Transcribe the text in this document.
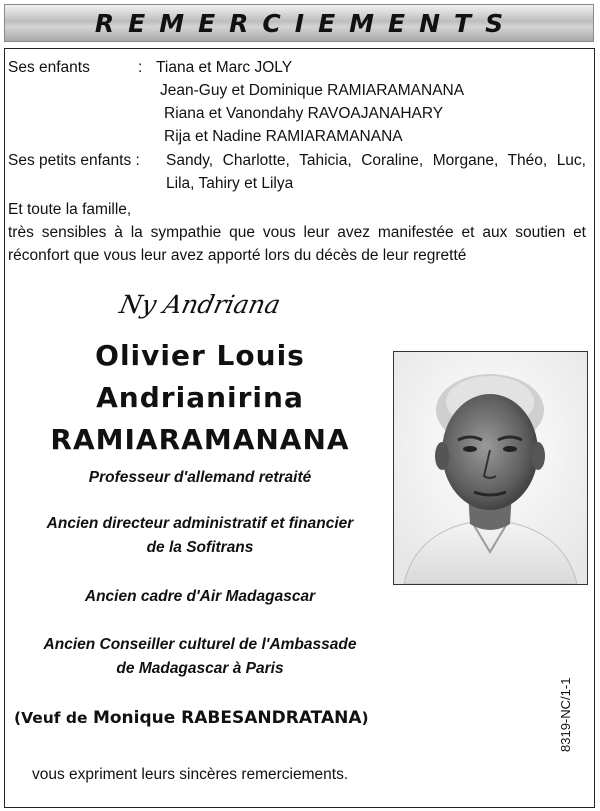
REMERCIEMENTS
Ses enfants	: Tiana et Marc JOLY
Jean-Guy et Dominique RAMIARAMANANA
Riana et Vanondahy RAVOAJANAHARY
Rija et Nadine RAMIARAMANANA
Ses petits enfants : Sandy, Charlotte, Tahicia, Coraline, Morgane, Théo, Luc,
Lila, Tahiry et Lilya
Et toute la famille,
très sensibles à la sympathie que vous leur avez manifestée et aux soutien et
réconfort que vous leur avez apporté lors du décès de leur regretté
Ny Andriana
Olivier Louis
Andrianirina
RAMIARAMANANA
Professeur d'allemand retraité
Ancien directeur administratif et financier
de la Sofitrans
Ancien cadre d'Air Madagascar
Ancien Conseiller culturel de l'Ambassade
de Madagascar à Paris
(Veuf de Monique RABESANDRATANA)
vous expriment leurs sincères remerciements.
8319-NC/1-1
